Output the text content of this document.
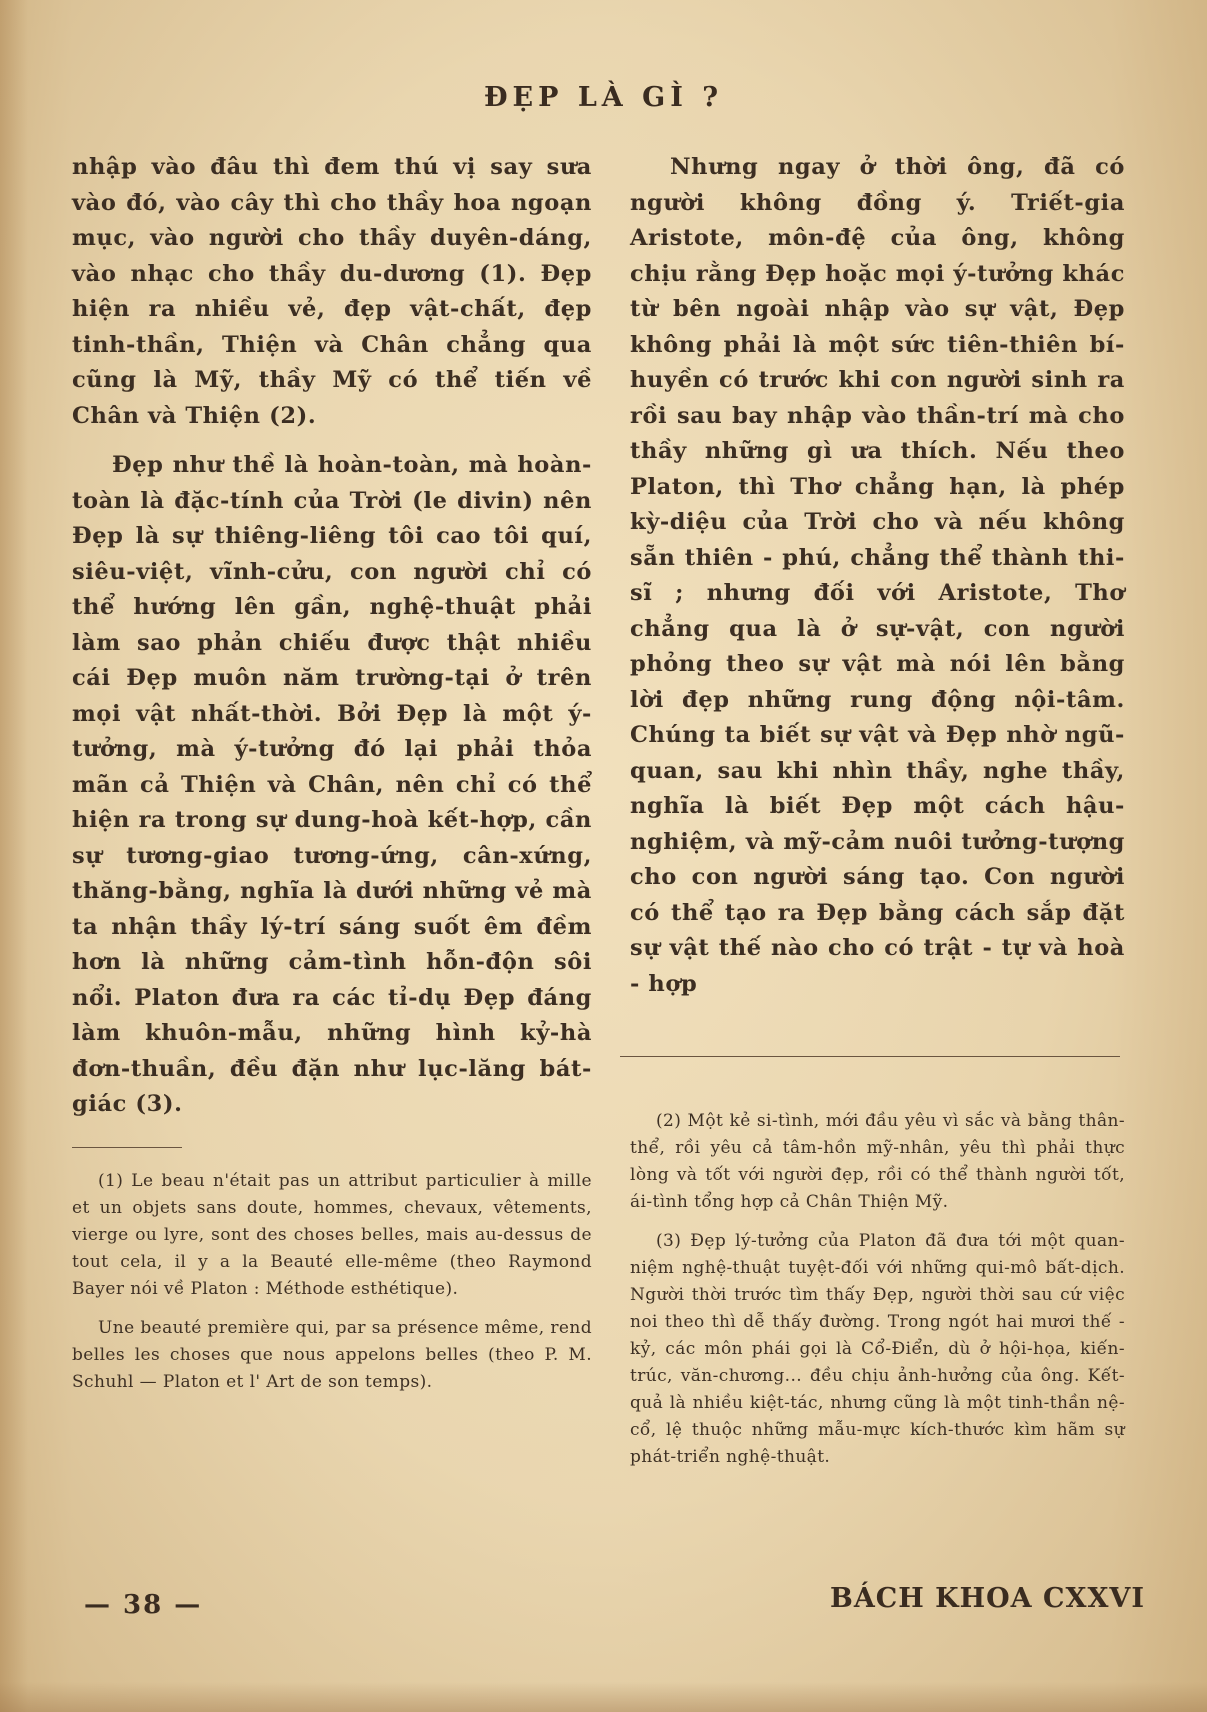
ĐẸP LÀ GÌ ?

nhập vào đâu thì đem thú vị say sưa vào đó, vào cây thì cho thầy hoa ngoạn mục, vào người cho thầy duyên-dáng, vào nhạc cho thầy du-dương (1). Đẹp hiện ra nhiều vẻ, đẹp vật-chất, đẹp tinh-thần, Thiện và Chân chẳng qua cũng là Mỹ, thầy Mỹ có thể tiến về Chân và Thiện (2).

Đẹp như thề là hoàn-toàn, mà hoàn-toàn là đặc-tính của Trời (le divin) nên Đẹp là sự thiêng-liêng tôi cao tôi quí, siêu-việt, vĩnh-cửu, con người chỉ có thể hướng lên gần, nghệ-thuật phải làm sao phản chiếu được thật nhiều cái Đẹp muôn năm trường-tại ở trên mọi vật nhất-thời. Bởi Đẹp là một ý-tưởng, mà ý-tưởng đó lại phải thỏa mãn cả Thiện và Chân, nên chỉ có thể hiện ra trong sự dung-hoà kết-hợp, cần sự tương-giao tương-ứng, cân-xứng, thăng-bằng, nghĩa là dưới những vẻ mà ta nhận thầy lý-trí sáng suốt êm đềm hơn là những cảm-tình hỗn-độn sôi nổi. Platon đưa ra các tỉ-dụ Đẹp đáng làm khuôn-mẫu, những hình kỷ-hà đơn-thuần, đều đặn như lục-lăng bát-giác (3).

(1) Le beau n'était pas un attribut particulier à mille et un objets sans doute, hommes, chevaux, vêtements, vierge ou lyre, sont des choses belles, mais au-dessus de tout cela, il y a la Beauté elle-même (theo Raymond Bayer nói về Platon : Méthode esthétique).

Une beauté première qui, par sa présence même, rend belles les choses que nous appelons belles (theo P. M. Schuhl — Platon et l' Art de son temps).

Nhưng ngay ở thời ông, đã có người không đồng ý. Triết-gia Aristote, môn-đệ của ông, không chịu rằng Đẹp hoặc mọi ý-tưởng khác từ bên ngoài nhập vào sự vật, Đẹp không phải là một sức tiên-thiên bí-huyền có trước khi con người sinh ra rồi sau bay nhập vào thần-trí mà cho thầy những gì ưa thích. Nếu theo Platon, thì Thơ chẳng hạn, là phép kỳ-diệu của Trời cho và nếu không sẵn thiên - phú, chẳng thể thành thi-sĩ ; nhưng đối với Aristote, Thơ chẳng qua là ở sự-vật, con người phỏng theo sự vật mà nói lên bằng lời đẹp những rung động nội-tâm. Chúng ta biết sự vật và Đẹp nhờ ngũ-quan, sau khi nhìn thầy, nghe thầy, nghĩa là biết Đẹp một cách hậu-nghiệm, và mỹ-cảm nuôi tưởng-tượng cho con người sáng tạo. Con người có thể tạo ra Đẹp bằng cách sắp đặt sự vật thế nào cho có trật - tự và hoà - hợp

(2) Một kẻ si-tình, mới đầu yêu vì sắc và bằng thân-thể, rồi yêu cả tâm-hồn mỹ-nhân, yêu thì phải thực lòng và tốt với người đẹp, rồi có thể thành người tốt, ái-tình tổng hợp cả Chân Thiện Mỹ.

(3) Đẹp lý-tưởng của Platon đã đưa tới một quan-niệm nghệ-thuật tuyệt-đối với những qui-mô bất-dịch. Người thời trước tìm thấy Đẹp, người thời sau cứ việc noi theo thì dễ thấy đường. Trong ngót hai mươi thế - kỷ, các môn phái gọi là Cổ-Điển, dù ở hội-họa, kiến-trúc, văn-chương... đều chịu ảnh-hưởng của ông. Kết-quả là nhiều kiệt-tác, nhưng cũng là một tinh-thần nệ-cổ, lệ thuộc những mẫu-mực kích-thước kìm hãm sự phát-triển nghệ-thuật.

— 38 —	BÁCH KHOA CXXVI
